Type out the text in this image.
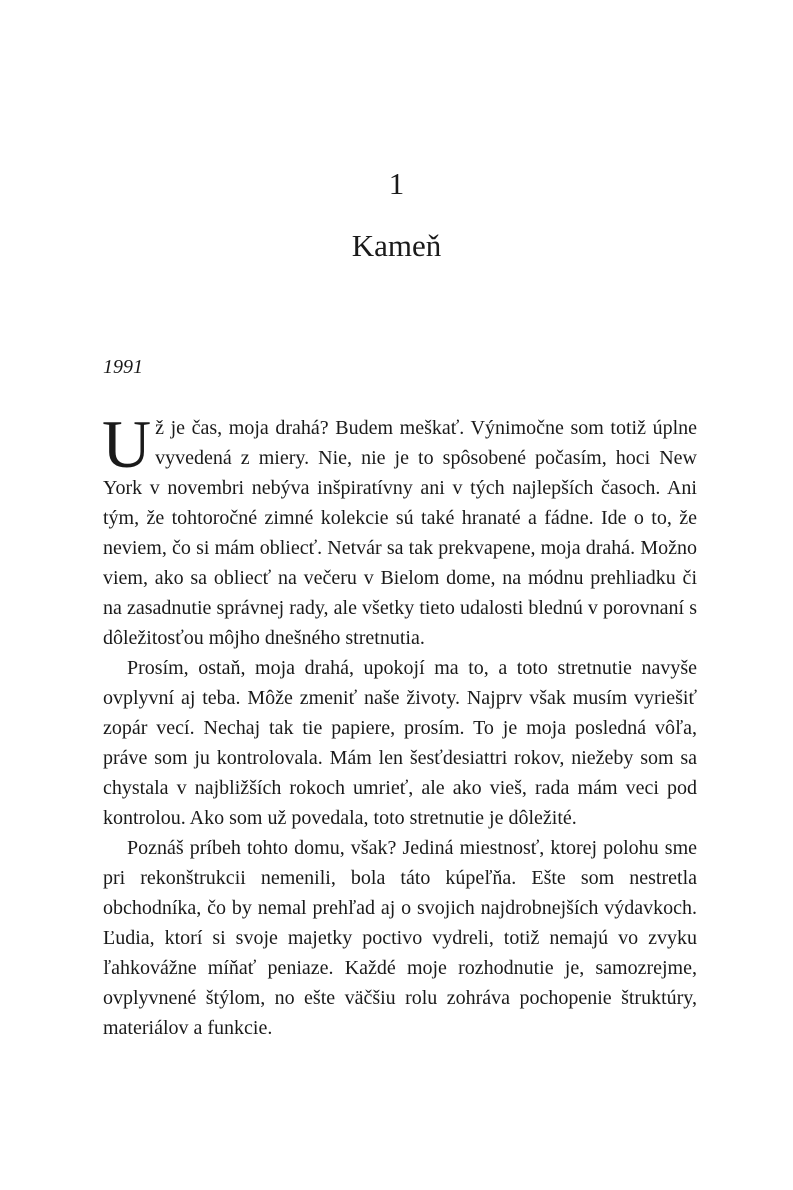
1
Kameň

1991

Už je čas, moja drahá? Budem meškať. Výnimočne som totiž úplne vyvedená z miery. Nie, nie je to spôsobené počasím, hoci New York v novembri nebýva inšpiratívny ani v tých najlepších časoch. Ani tým, že tohtoročné zimné kolekcie sú také hranaté a fádne. Ide o to, že neviem, čo si mám obliecť. Netvár sa tak prekvapene, moja drahá. Možno viem, ako sa obliecť na večeru v Bielom dome, na módnu prehliadku či na zasadnutie správnej rady, ale všetky tieto udalosti blednú v porovnaní s dôležitosťou môjho dnešného stretnutia.

Prosím, ostaň, moja drahá, upokojí ma to, a toto stretnutie navyše ovplyvní aj teba. Môže zmeniť naše životy. Najprv však musím vyriešiť zopár vecí. Nechaj tak tie papiere, prosím. To je moja posledná vôľa, práve som ju kontrolovala. Mám len šesťdesiattri rokov, niežeby som sa chystala v najbližších rokoch umrieť, ale ako vieš, rada mám veci pod kontrolou. Ako som už povedala, toto stretnutie je dôležité.

Poznáš príbeh tohto domu, však? Jediná miestnosť, ktorej polohu sme pri rekonštrukcii nemenili, bola táto kúpeľňa. Ešte som nestretla obchodníka, čo by nemal prehľad aj o svojich najdrobnejších výdavkoch. Ľudia, ktorí si svoje majetky poctivo vydreli, totiž nemajú vo zvyku ľahkovážne míňať peniaze. Každé moje rozhodnutie je, samozrejme, ovplyvnené štýlom, no ešte väčšiu rolu zohráva pochopenie štruktúry, materiálov a funkcie.
